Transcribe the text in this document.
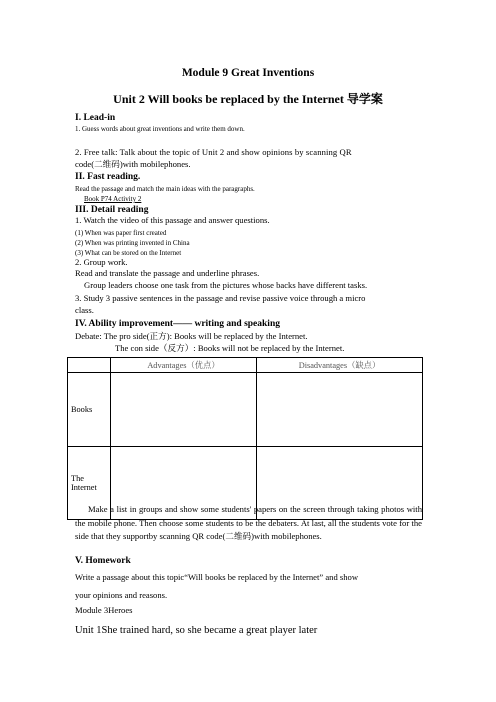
Module 9 Great Inventions
Unit 2 Will books be replaced by the Internet 导学案
I. Lead-in
1. Guess words about great inventions and write them down.
2. Free talk: Talk about the topic of Unit 2 and show opinions by scanning QR
code(二维码)with mobilephones.
II. Fast reading.
Read the passage and match the main ideas with the paragraphs.
Book P74 Activity 2
III. Detail reading
1. Watch the video of this passage and answer questions.
(1) When was paper first created
(2) When was printing invented in China
(3) What can be stored on the Internet
2. Group work.
Read and translate the passage and underline phrases.
Group leaders choose one task from the pictures whose backs have different tasks.
3. Study 3 passive sentences in the passage and revise passive voice through a micro
class.
IV. Ability improvement—— writing and speaking
Debate: The pro side(正方): Books will be replaced by the Internet.
The con side（反方）: Books will not be replaced by the Internet.
	Advantages（优点）	Disadvantages（缺点）
Books		

The
Internet		

Make a list in groups and show some students' papers on the screen through taking photos with the mobile phone. Then choose some students to be the debaters. At last, all the students vote for the side that they supportby scanning QR code(二维码)with mobilephones.
V. Homework
Write a passage about this topic“Will books be replaced by the Internet” and show
your opinions and reasons.
Module 3Heroes
Unit 1She trained hard, so she became a great player later
